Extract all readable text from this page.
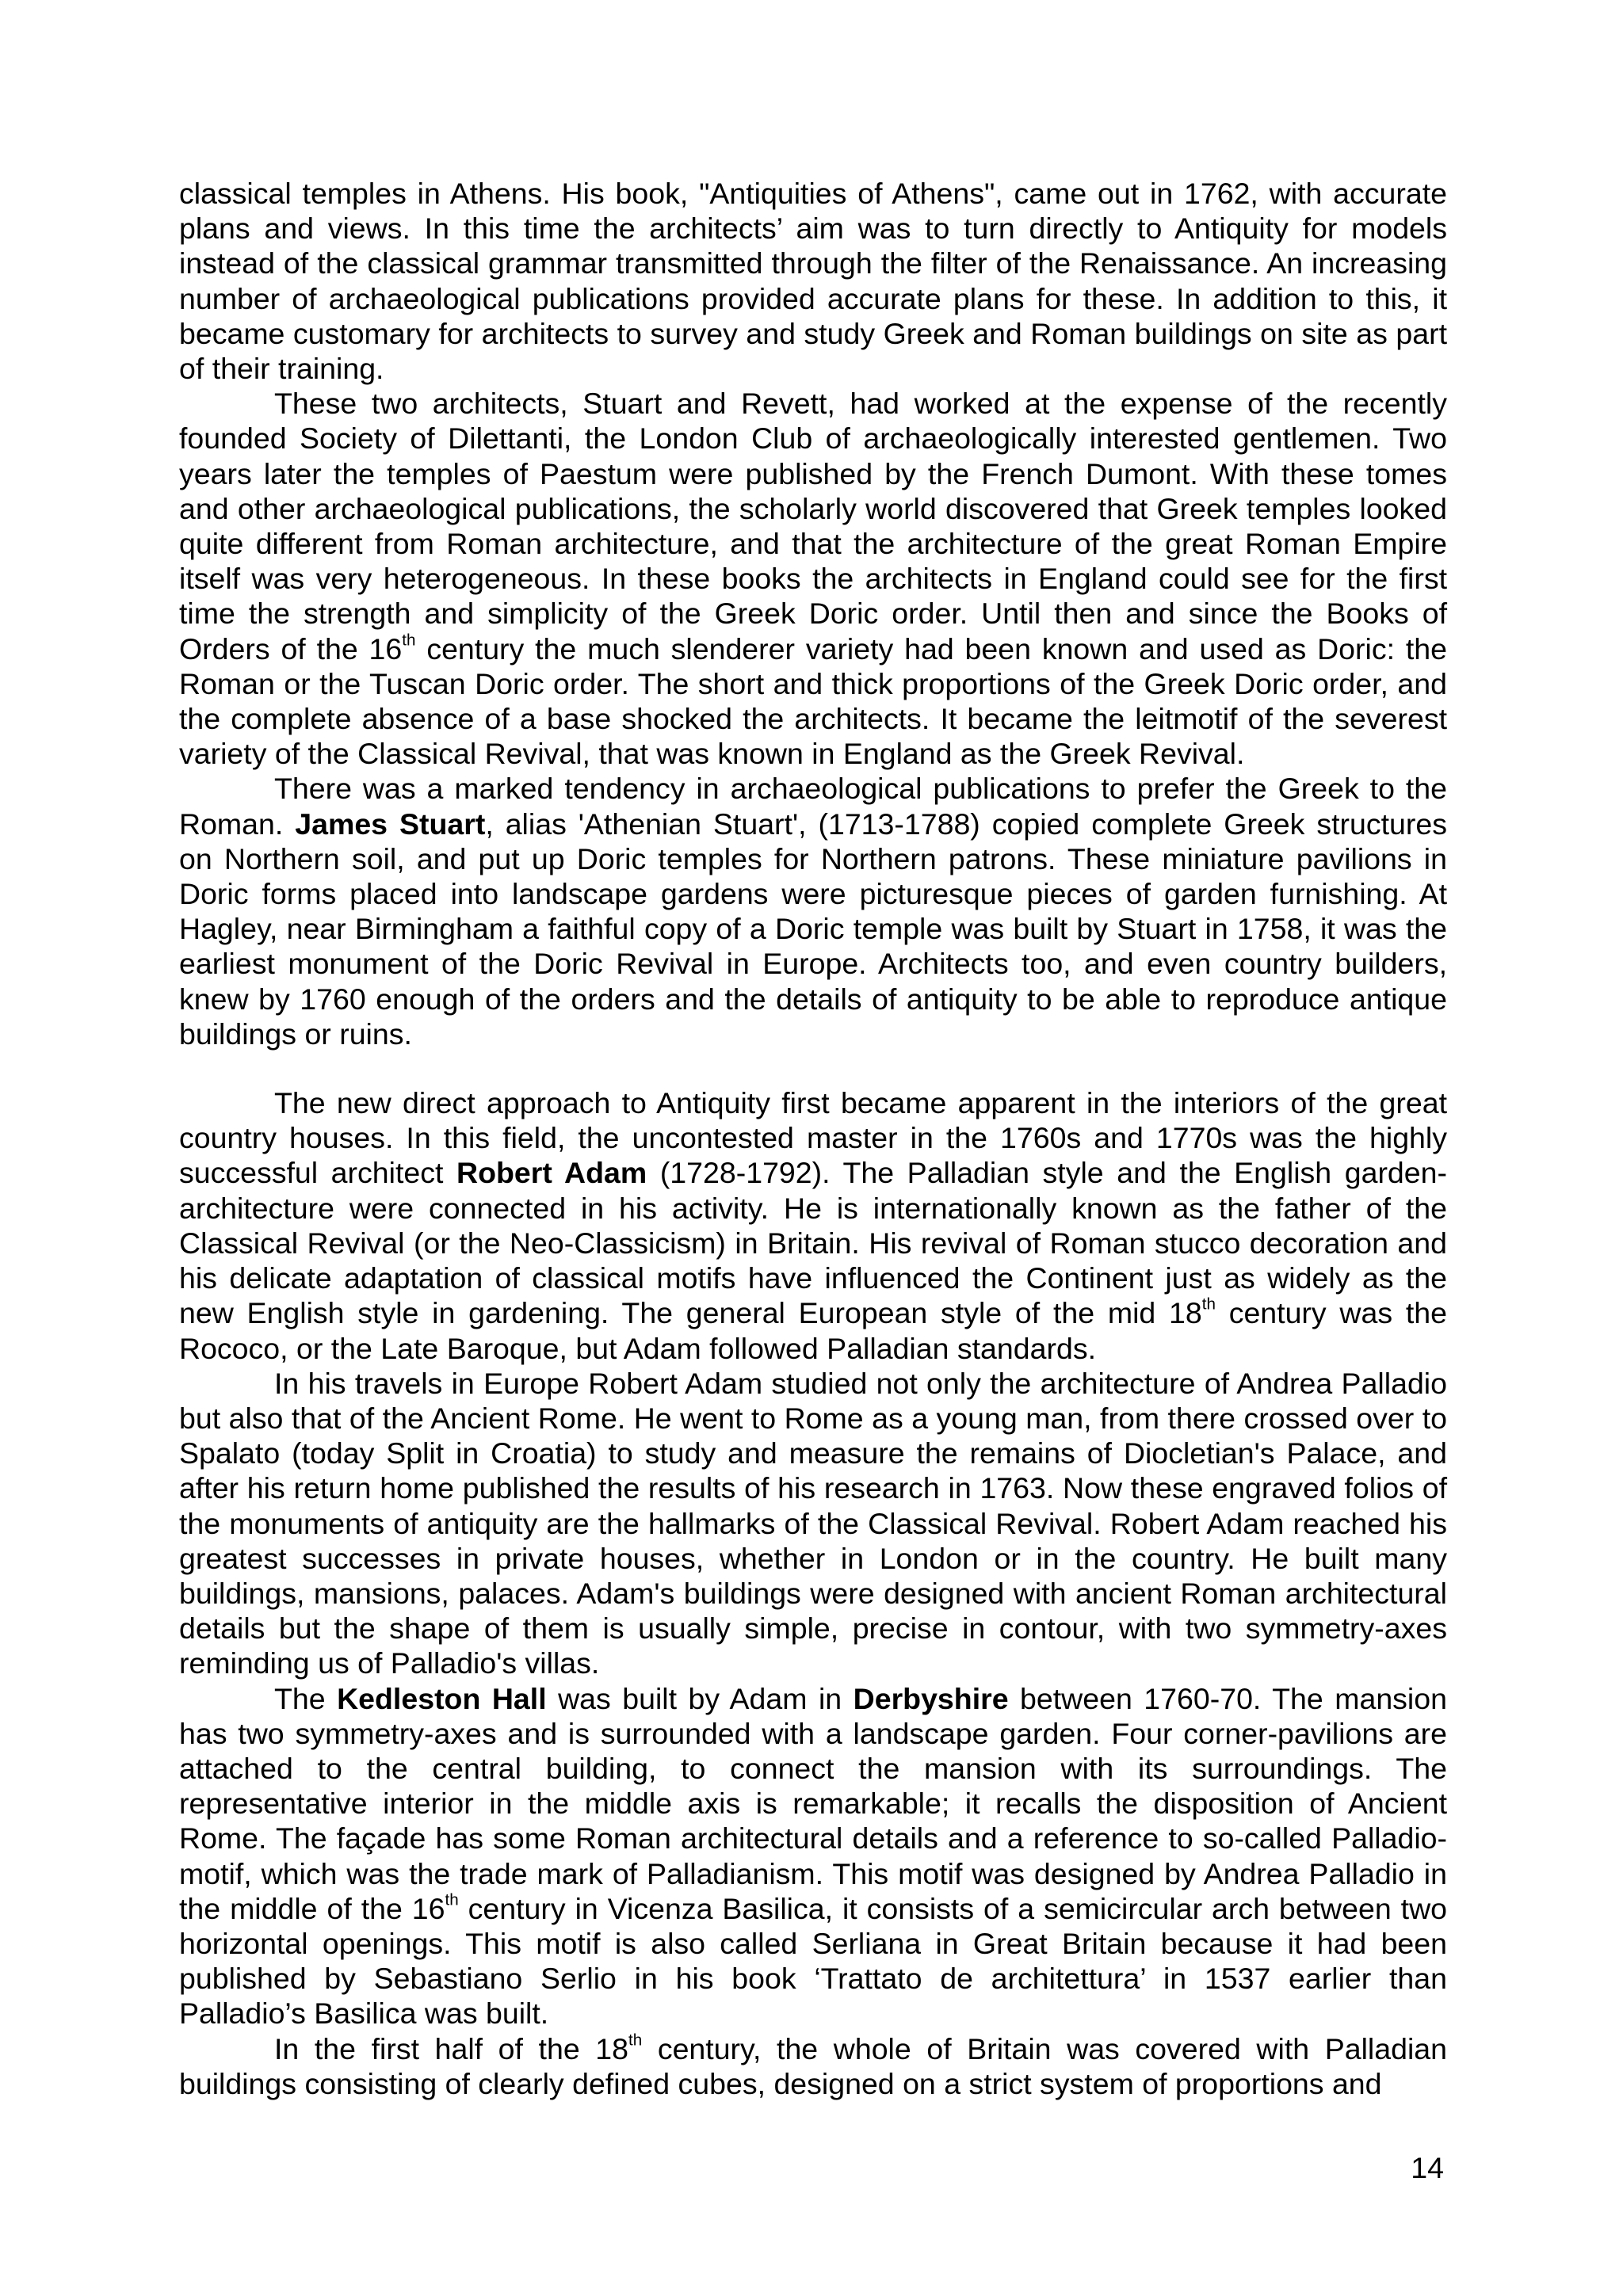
classical temples in Athens. His book, "Antiquities of Athens", came out in 1762, with accurate plans and views. In this time the architects’ aim was to turn directly to Antiquity for models instead of the classical grammar transmitted through the filter of the Renaissance. An increasing number of archaeological publications provided accurate plans for these. In addition to this, it became customary for architects to survey and study Greek and Roman buildings on site as part of their training.

These two architects, Stuart and Revett, had worked at the expense of the recently founded Society of Dilettanti, the London Club of archaeologically interested gentlemen. Two years later the temples of Paestum were published by the French Dumont. With these tomes and other archaeological publications, the scholarly world discovered that Greek temples looked quite different from Roman architecture, and that the architecture of the great Roman Empire itself was very heterogeneous. In these books the architects in England could see for the first time the strength and simplicity of the Greek Doric order. Until then and since the Books of Orders of the 16th century the much slenderer variety had been known and used as Doric: the Roman or the Tuscan Doric order. The short and thick proportions of the Greek Doric order, and the complete absence of a base shocked the architects. It became the leitmotif of the severest variety of the Classical Revival, that was known in England as the Greek Revival.

There was a marked tendency in archaeological publications to prefer the Greek to the Roman. James Stuart, alias 'Athenian Stuart', (1713-1788) copied complete Greek structures on Northern soil, and put up Doric temples for Northern patrons. These miniature pavilions in Doric forms placed into landscape gardens were picturesque pieces of garden furnishing. At Hagley, near Birmingham a faithful copy of a Doric temple was built by Stuart in 1758, it was the earliest monument of the Doric Revival in Europe. Architects too, and even country builders, knew by 1760 enough of the orders and the details of antiquity to be able to reproduce antique buildings or ruins.

The new direct approach to Antiquity first became apparent in the interiors of the great country houses. In this field, the uncontested master in the 1760s and 1770s was the highly successful architect Robert Adam (1728-1792). The Palladian style and the English garden-architecture were connected in his activity. He is internationally known as the father of the Classical Revival (or the Neo-Classicism) in Britain. His revival of Roman stucco decoration and his delicate adaptation of classical motifs have influenced the Continent just as widely as the new English style in gardening. The general European style of the mid 18th century was the Rococo, or the Late Baroque, but Adam followed Palladian standards.

In his travels in Europe Robert Adam studied not only the architecture of Andrea Palladio but also that of the Ancient Rome. He went to Rome as a young man, from there crossed over to Spalato (today Split in Croatia) to study and measure the remains of Diocletian's Palace, and after his return home published the results of his research in 1763. Now these engraved folios of the monuments of antiquity are the hallmarks of the Classical Revival. Robert Adam reached his greatest successes in private houses, whether in London or in the country. He built many buildings, mansions, palaces. Adam's buildings were designed with ancient Roman architectural details but the shape of them is usually simple, precise in contour, with two symmetry-axes reminding us of Palladio's villas.

The Kedleston Hall was built by Adam in Derbyshire between 1760-70. The mansion has two symmetry-axes and is surrounded with a landscape garden. Four corner-pavilions are attached to the central building, to connect the mansion with its surroundings. The representative interior in the middle axis is remarkable; it recalls the disposition of Ancient Rome. The façade has some Roman architectural details and a reference to so-called Palladio-motif, which was the trade mark of Palladianism. This motif was designed by Andrea Palladio in the middle of the 16th century in Vicenza Basilica, it consists of a semicircular arch between two horizontal openings. This motif is also called Serliana in Great Britain because it had been published by Sebastiano Serlio in his book ‘Trattato de architettura’ in 1537 earlier than Palladio’s Basilica was built.

In the first half of the 18th century, the whole of Britain was covered with Palladian buildings consisting of clearly defined cubes, designed on a strict system of proportions and

14
